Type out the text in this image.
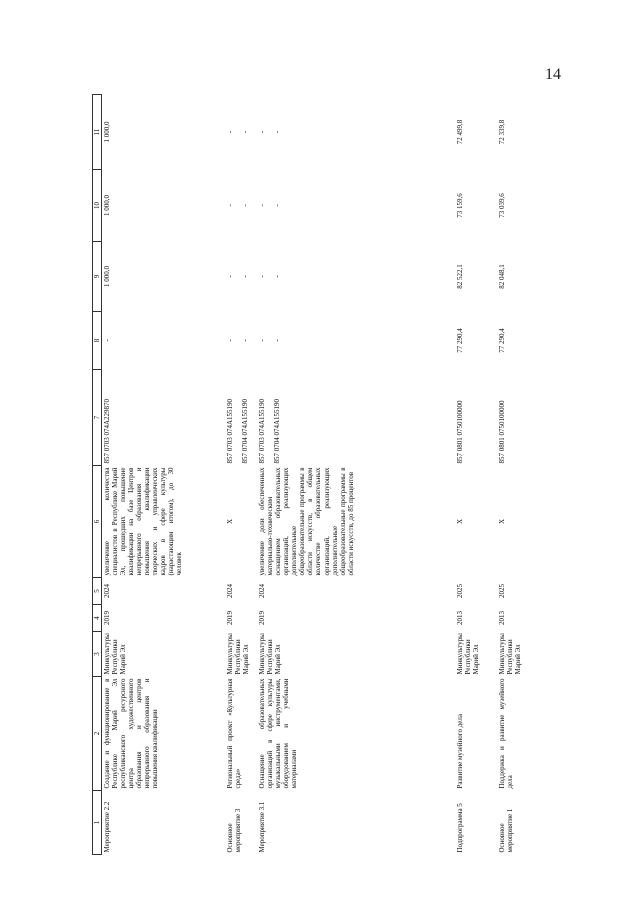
14
1	2	3	4	5	6	7	8	9	10	11
Мероприятие 2.2	Создание и функционирование в Республике Марий Эл республиканского ресурсного центра художественного образования и центров непрерывного образования и повышения квалификации	Минкультуры Республики Марий Эл	2019	2024	увеличение количества специалистов в Республике Марий Эл, прошедших повышение квалификации на базе Центров непрерывного образования и повышения квалификации творческих и управленческих кадров в сфере культуры (нарастающим итогом), до 30 человек	857 0703 074A229870	-	1 000,0	1 000,0	1 000,0

Основное мероприятие 3	Региональный проект «Культурная среда»	Минкультуры Республики Марий Эл	2019	2024	Х	857 0703 074A155190 857 0704 074A155190	- -	- -	- -	- -

Мероприятие 3.1	Оснащение образовательных организаций в сфере культуры музыкальными инструментами, оборудованием и учебными материалами	Минкультуры Республики Марий Эл	2019	2024	увеличение доли обеспеченных материально-техническим оснащением образовательных организаций, реализующих дополнительные общеобразовательные программы в области искусств, в общем количестве образовательных организаций, реализующих дополнительные общеобразовательные программы в области искусств, до 85 процентов	857 0703 074A155190 857 0704 074A155190	- -	- -	- -	- -

Подпрограмма 5	Развитие музейного дела	Минкультуры Республики Марий Эл	2013	2025	Х	857 0801 0750100000	77 290,4	82 522,1	73 159,6	72 499,8

Основное мероприятие 1	Поддержка и развитие музейного дела	Минкультуры Республики Марий Эл	2013	2025	Х	857 0801 0750100000	77 290,4	82 048,1	73 039,6	72 339,8
